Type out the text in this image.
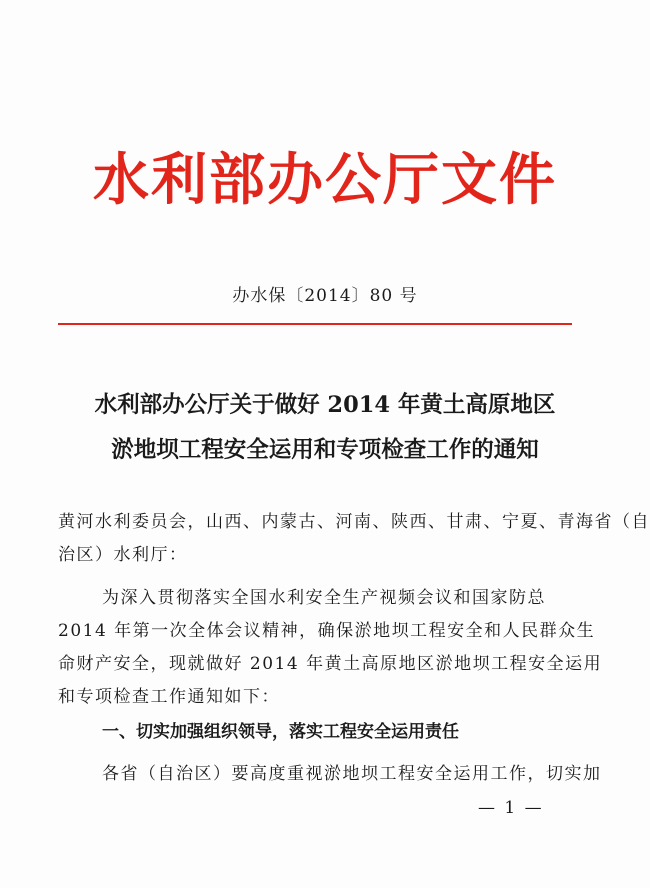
水利部办公厅文件
办水保〔2014〕80 号
水利部办公厅关于做好 2014 年黄土高原地区
淤地坝工程安全运用和专项检查工作的通知
黄河水利委员会，山西、内蒙古、河南、陕西、甘肃、宁夏、青海省（自
治区）水利厅：
为深入贯彻落实全国水利安全生产视频会议和国家防总
2014 年第一次全体会议精神，确保淤地坝工程安全和人民群众生
命财产安全，现就做好 2014 年黄土高原地区淤地坝工程安全运用
和专项检查工作通知如下：
一、切实加强组织领导，落实工程安全运用责任
各省（自治区）要高度重视淤地坝工程安全运用工作，切实加
— 1 —
